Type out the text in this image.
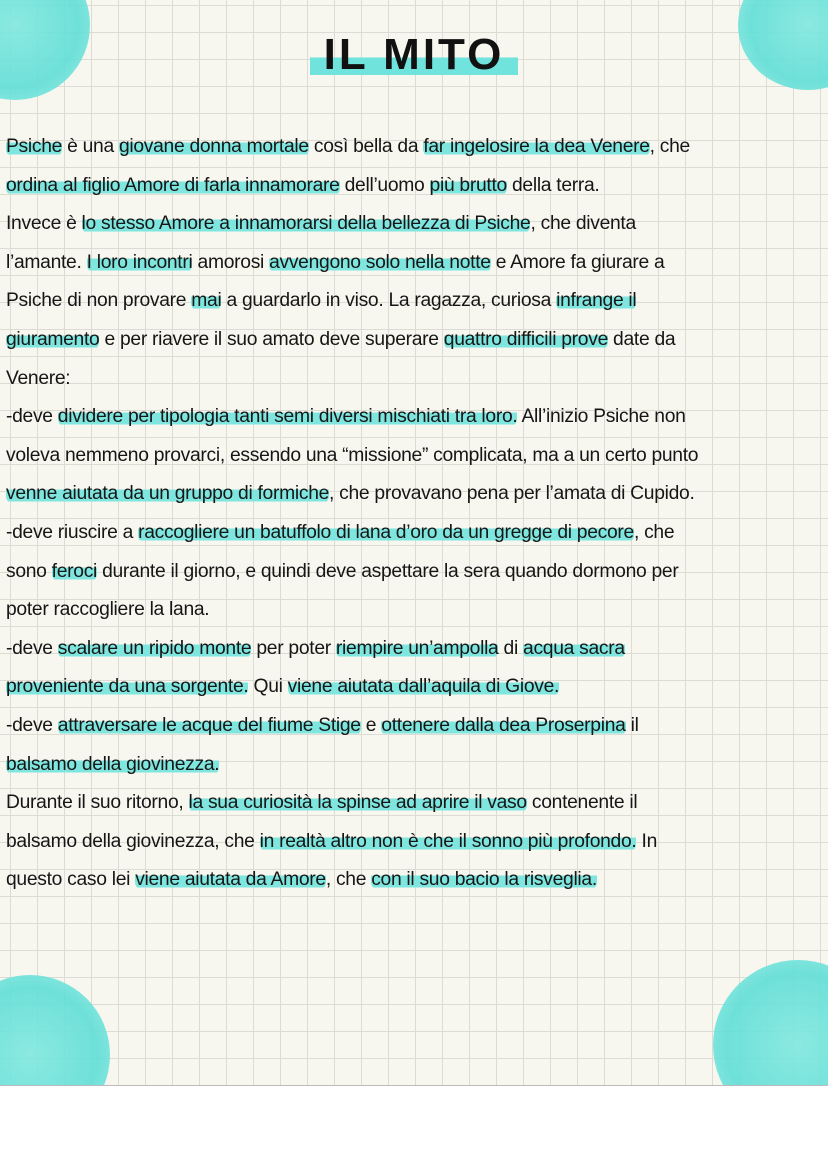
IL MITO
Psiche è una giovane donna mortale così bella da far ingelosire la dea Venere, che
ordina al figlio Amore di farla innamorare dell’uomo più brutto della terra.
Invece è lo stesso Amore a innamorarsi della bellezza di Psiche, che diventa
l’amante. I loro incontri amorosi avvengono solo nella notte e Amore fa giurare a
Psiche di non provare mai a guardarlo in viso. La ragazza, curiosa infrange il
giuramento e per riavere il suo amato deve superare quattro difficili prove date da
Venere:
-deve dividere per tipologia tanti semi diversi mischiati tra loro. All’inizio Psiche non
voleva nemmeno provarci, essendo una “missione” complicata, ma a un certo punto
venne aiutata da un gruppo di formiche, che provavano pena per l’amata di Cupido.
-deve riuscire a raccogliere un batuffolo di lana d’oro da un gregge di pecore, che
sono feroci durante il giorno, e quindi deve aspettare la sera quando dormono per
poter raccogliere la lana.
-deve scalare un ripido monte per poter riempire un’ampolla di acqua sacra
proveniente da una sorgente. Qui viene aiutata dall’aquila di Giove.
-deve attraversare le acque del fiume Stige e ottenere dalla dea Proserpina il
balsamo della giovinezza.
Durante il suo ritorno, la sua curiosità la spinse ad aprire il vaso contenente il
balsamo della giovinezza, che in realtà altro non è che il sonno più profondo. In
questo caso lei viene aiutata da Amore, che con il suo bacio la risveglia.
